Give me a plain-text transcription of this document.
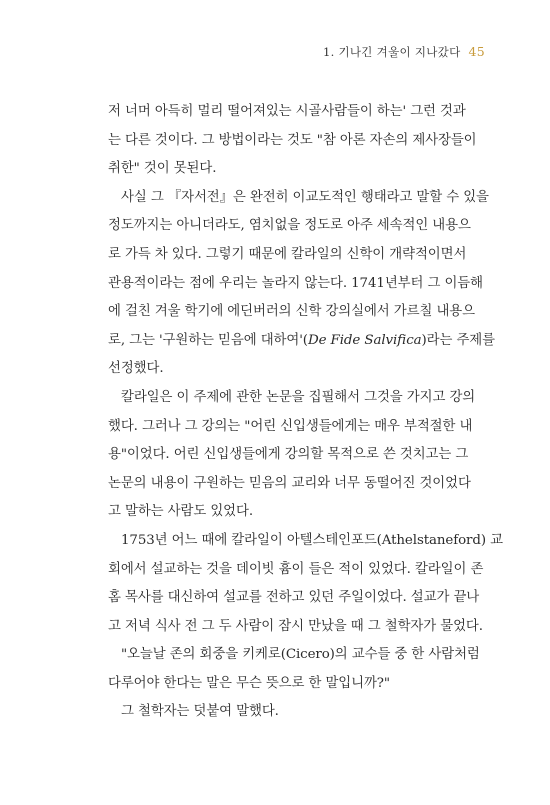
1. 기나긴 겨울이 지나갔다 45
저 너머 아득히 멀리 떨어져있는 시골사람들이 하는' 그런 것과
는 다른 것이다. 그 방법이라는 것도 "참 아론 자손의 제사장들이
취한" 것이 못된다.
사실 그 『자서전』은 완전히 이교도적인 행태라고 말할 수 있을
정도까지는 아니더라도, 염치없을 정도로 아주 세속적인 내용으
로 가득 차 있다. 그렇기 때문에 칼라일의 신학이 개략적이면서
관용적이라는 점에 우리는 놀라지 않는다. 1741년부터 그 이듬해
에 걸친 겨울 학기에 에딘버러의 신학 강의실에서 가르칠 내용으
로, 그는 '구원하는 믿음에 대하여'(De Fide Salvifica)라는 주제를
선정했다.
칼라일은 이 주제에 관한 논문을 집필해서 그것을 가지고 강의
했다. 그러나 그 강의는 "어린 신입생들에게는 매우 부적절한 내
용"이었다. 어린 신입생들에게 강의할 목적으로 쓴 것치고는 그
논문의 내용이 구원하는 믿음의 교리와 너무 동떨어진 것이었다
고 말하는 사람도 있었다.
1753년 어느 때에 칼라일이 아텔스테인포드(Athelstaneford) 교
회에서 설교하는 것을 데이빗 흄이 들은 적이 있었다. 칼라일이 존
홈 목사를 대신하여 설교를 전하고 있던 주일이었다. 설교가 끝나
고 저녁 식사 전 그 두 사람이 잠시 만났을 때 그 철학자가 물었다.
"오늘날 존의 회중을 키케로(Cicero)의 교수들 중 한 사람처럼
다루어야 한다는 말은 무슨 뜻으로 한 말입니까?"
그 철학자는 덧붙여 말했다.
